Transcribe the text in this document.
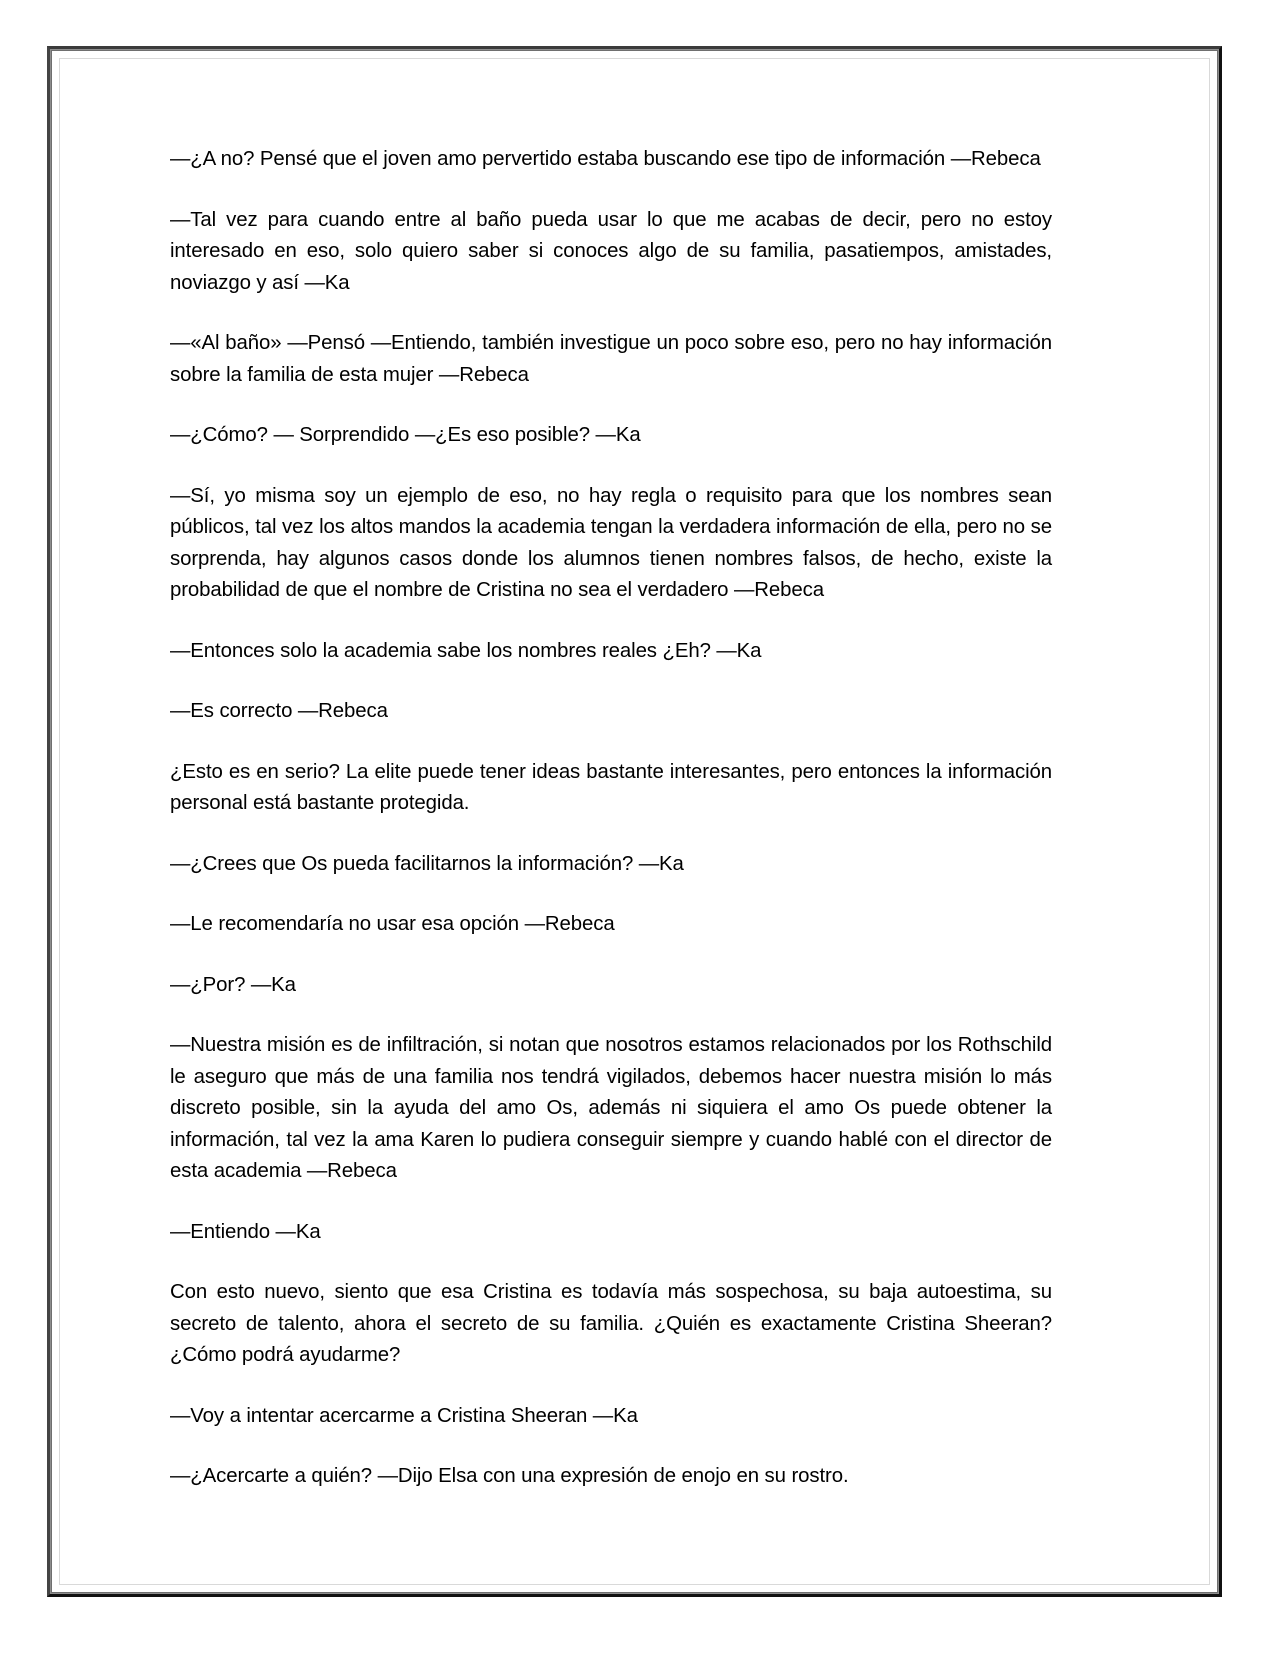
—¿A no? Pensé que el joven amo pervertido estaba buscando ese tipo de información —Rebeca

—Tal vez para cuando entre al baño pueda usar lo que me acabas de decir, pero no estoy interesado en eso, solo quiero saber si conoces algo de su familia, pasatiempos, amistades, noviazgo y así —Ka

—«Al baño» —Pensó —Entiendo, también investigue un poco sobre eso, pero no hay información sobre la familia de esta mujer —Rebeca

—¿Cómo? — Sorprendido —¿Es eso posible? —Ka

—Sí, yo misma soy un ejemplo de eso, no hay regla o requisito para que los nombres sean públicos, tal vez los altos mandos la academia tengan la verdadera información de ella, pero no se sorprenda, hay algunos casos donde los alumnos tienen nombres falsos, de hecho, existe la probabilidad de que el nombre de Cristina no sea el verdadero —Rebeca

—Entonces solo la academia sabe los nombres reales ¿Eh? —Ka

—Es correcto —Rebeca

¿Esto es en serio? La elite puede tener ideas bastante interesantes, pero entonces la información personal está bastante protegida.

—¿Crees que Os pueda facilitarnos la información? —Ka

—Le recomendaría no usar esa opción —Rebeca

—¿Por? —Ka

—Nuestra misión es de infiltración, si notan que nosotros estamos relacionados por los Rothschild le aseguro que más de una familia nos tendrá vigilados, debemos hacer nuestra misión lo más discreto posible, sin la ayuda del amo Os, además ni siquiera el amo Os puede obtener la información, tal vez la ama Karen lo pudiera conseguir siempre y cuando hablé con el director de esta academia —Rebeca

—Entiendo —Ka

Con esto nuevo, siento que esa Cristina es todavía más sospechosa, su baja autoestima, su secreto de talento, ahora el secreto de su familia. ¿Quién es exactamente Cristina Sheeran? ¿Cómo podrá ayudarme?

—Voy a intentar acercarme a Cristina Sheeran —Ka

—¿Acercarte a quién? —Dijo Elsa con una expresión de enojo en su rostro.
